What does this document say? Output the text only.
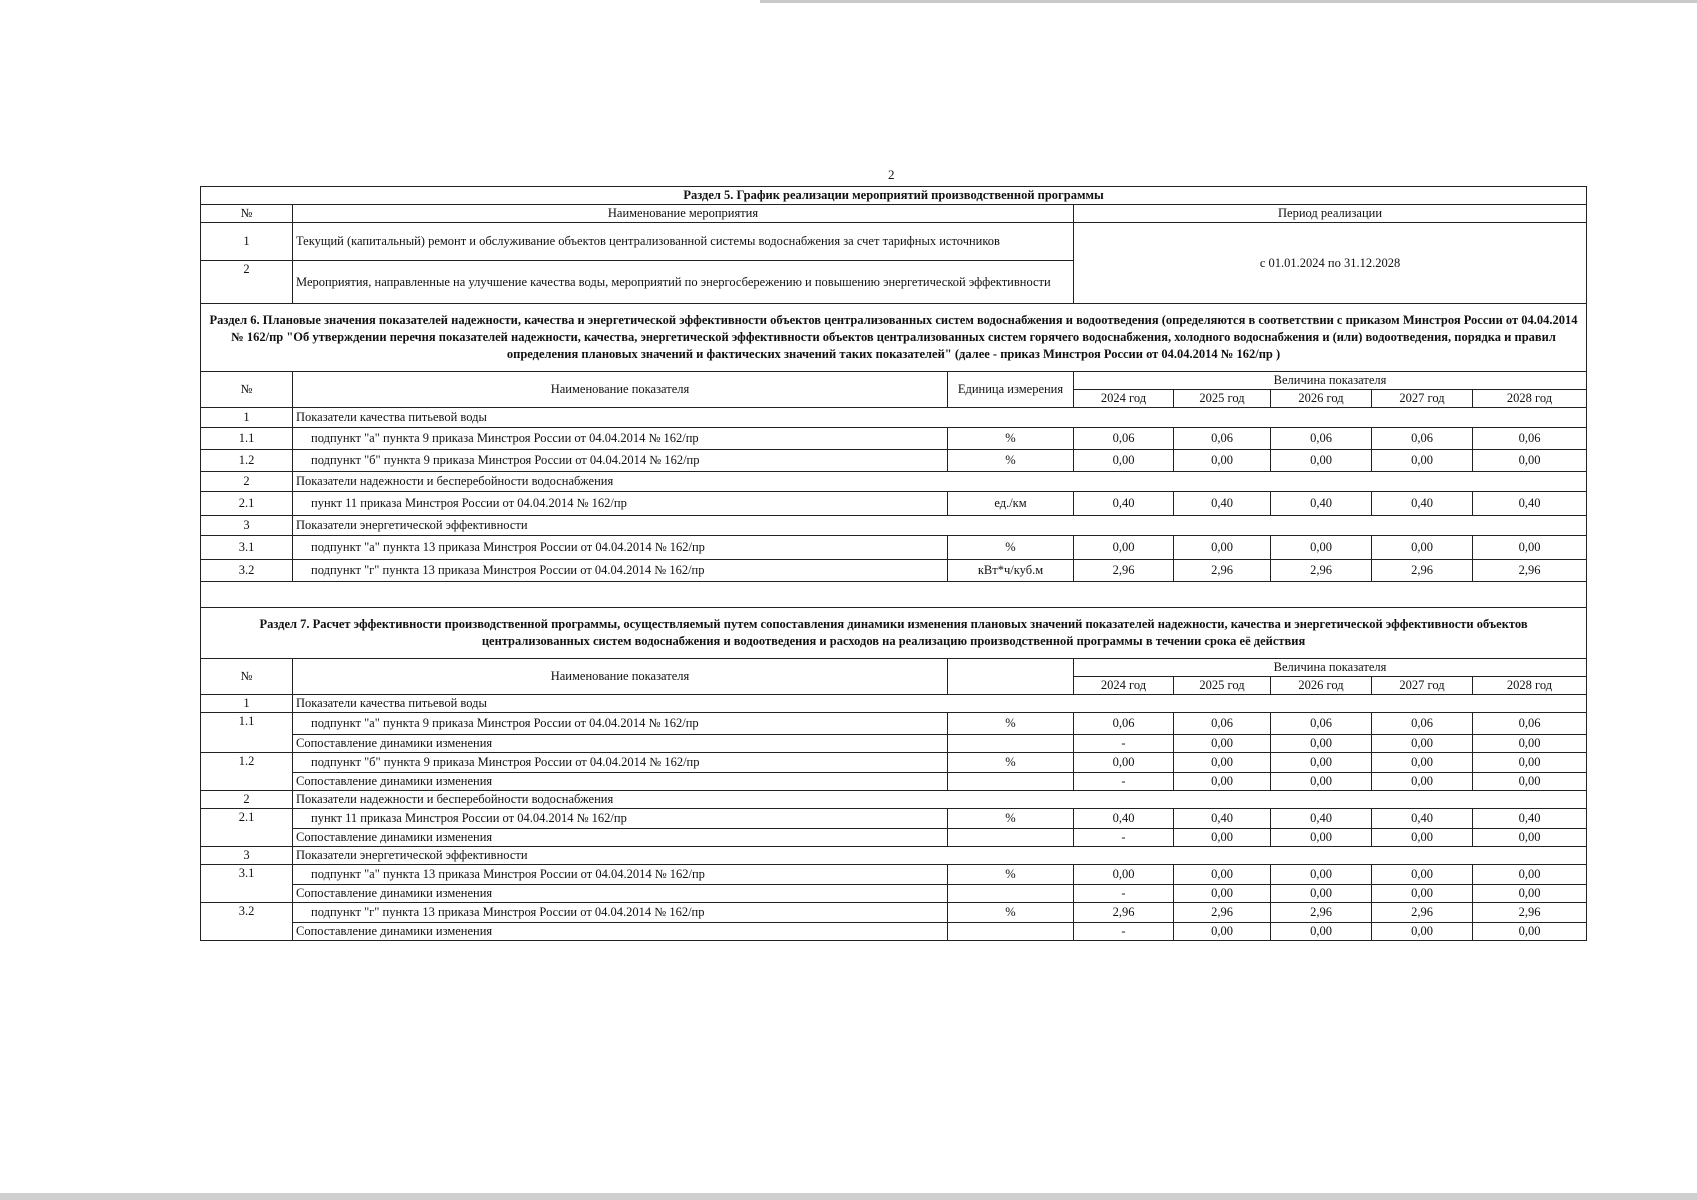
2
Раздел 5. График реализации мероприятий производственной программы							
№	Наименование мероприятия		Период реализации				
1	Текущий (капитальный) ремонт и обслуживание объектов централизованной системы водоснабжения за счет тарифных источников		с 01.01.2024 по 31.12.2028				
2	Мероприятия, направленные на улучшение качества воды, мероприятий по энергосбережению и повышению энергетической эффективности						
Раздел 6. Плановые значения показателей надежности, качества и энергетической эффективности объектов централизованных систем водоснабжения и водоотведения (определяются в соответствии с приказом Минстроя России от 04.04.2014 № 162/пр "Об утверждении перечня показателей надежности, качества, энергетической эффективности объектов централизованных систем горячего водоснабжения, холодного водоснабжения и (или) водоотведения, порядка и правил определения плановых значений и фактических значений таких показателей" (далее - приказ Минстроя России от 04.04.2014 № 162/пр )							
№	Наименование показателя	Единица измерения	Величина показателя				
			2024 год	2025 год	2026 год	2027 год	2028 год
1	Показатели качества питьевой воды						
1.1	подпункт "а" пункта 9 приказа Минстроя России от 04.04.2014 № 162/пр	%	0,06	0,06	0,06	0,06	0,06
1.2	подпункт "б" пункта 9 приказа Минстроя России от 04.04.2014 № 162/пр	%	0,00	0,00	0,00	0,00	0,00
2	Показатели надежности и бесперебойности водоснабжения						
2.1	пункт 11 приказа Минстроя России от 04.04.2014 № 162/пр	ед./км	0,40	0,40	0,40	0,40	0,40
3	Показатели энергетической эффективности						
3.1	подпункт "а" пункта 13 приказа Минстроя России от 04.04.2014 № 162/пр	%	0,00	0,00	0,00	0,00	0,00
3.2	подпункт "г" пункта 13 приказа Минстроя России от 04.04.2014 № 162/пр	кВт*ч/куб.м	2,96	2,96	2,96	2,96	2,96

Раздел 7. Расчет эффективности производственной программы, осуществляемый путем сопоставления динамики изменения плановых значений показателей надежности, качества и энергетической эффективности объектов централизованных систем водоснабжения и водоотведения и расходов на реализацию производственной программы в течении срока её действия							
№	Наименование показателя		Величина показателя				
			2024 год	2025 год	2026 год	2027 год	2028 год
1	Показатели качества питьевой воды						
1.1	подпункт "а" пункта 9 приказа Минстроя России от 04.04.2014 № 162/пр	%	0,06	0,06	0,06	0,06	0,06
	Сопоставление динамики изменения		-	0,00	0,00	0,00	0,00
1.2	подпункт "б" пункта 9 приказа Минстроя России от 04.04.2014 № 162/пр	%	0,00	0,00	0,00	0,00	0,00
	Сопоставление динамики изменения		-	0,00	0,00	0,00	0,00
2	Показатели надежности и бесперебойности водоснабжения						
2.1	пункт 11 приказа Минстроя России от 04.04.2014 № 162/пр	%	0,40	0,40	0,40	0,40	0,40
	Сопоставление динамики изменения		-	0,00	0,00	0,00	0,00
3	Показатели энергетической эффективности						
3.1	подпункт "а" пункта 13 приказа Минстроя России от 04.04.2014 № 162/пр	%	0,00	0,00	0,00	0,00	0,00
	Сопоставление динамики изменения		-	0,00	0,00	0,00	0,00
3.2	подпункт "г" пункта 13 приказа Минстроя России от 04.04.2014 № 162/пр	%	2,96	2,96	2,96	2,96	2,96
	Сопоставление динамики изменения		-	0,00	0,00	0,00	0,00
